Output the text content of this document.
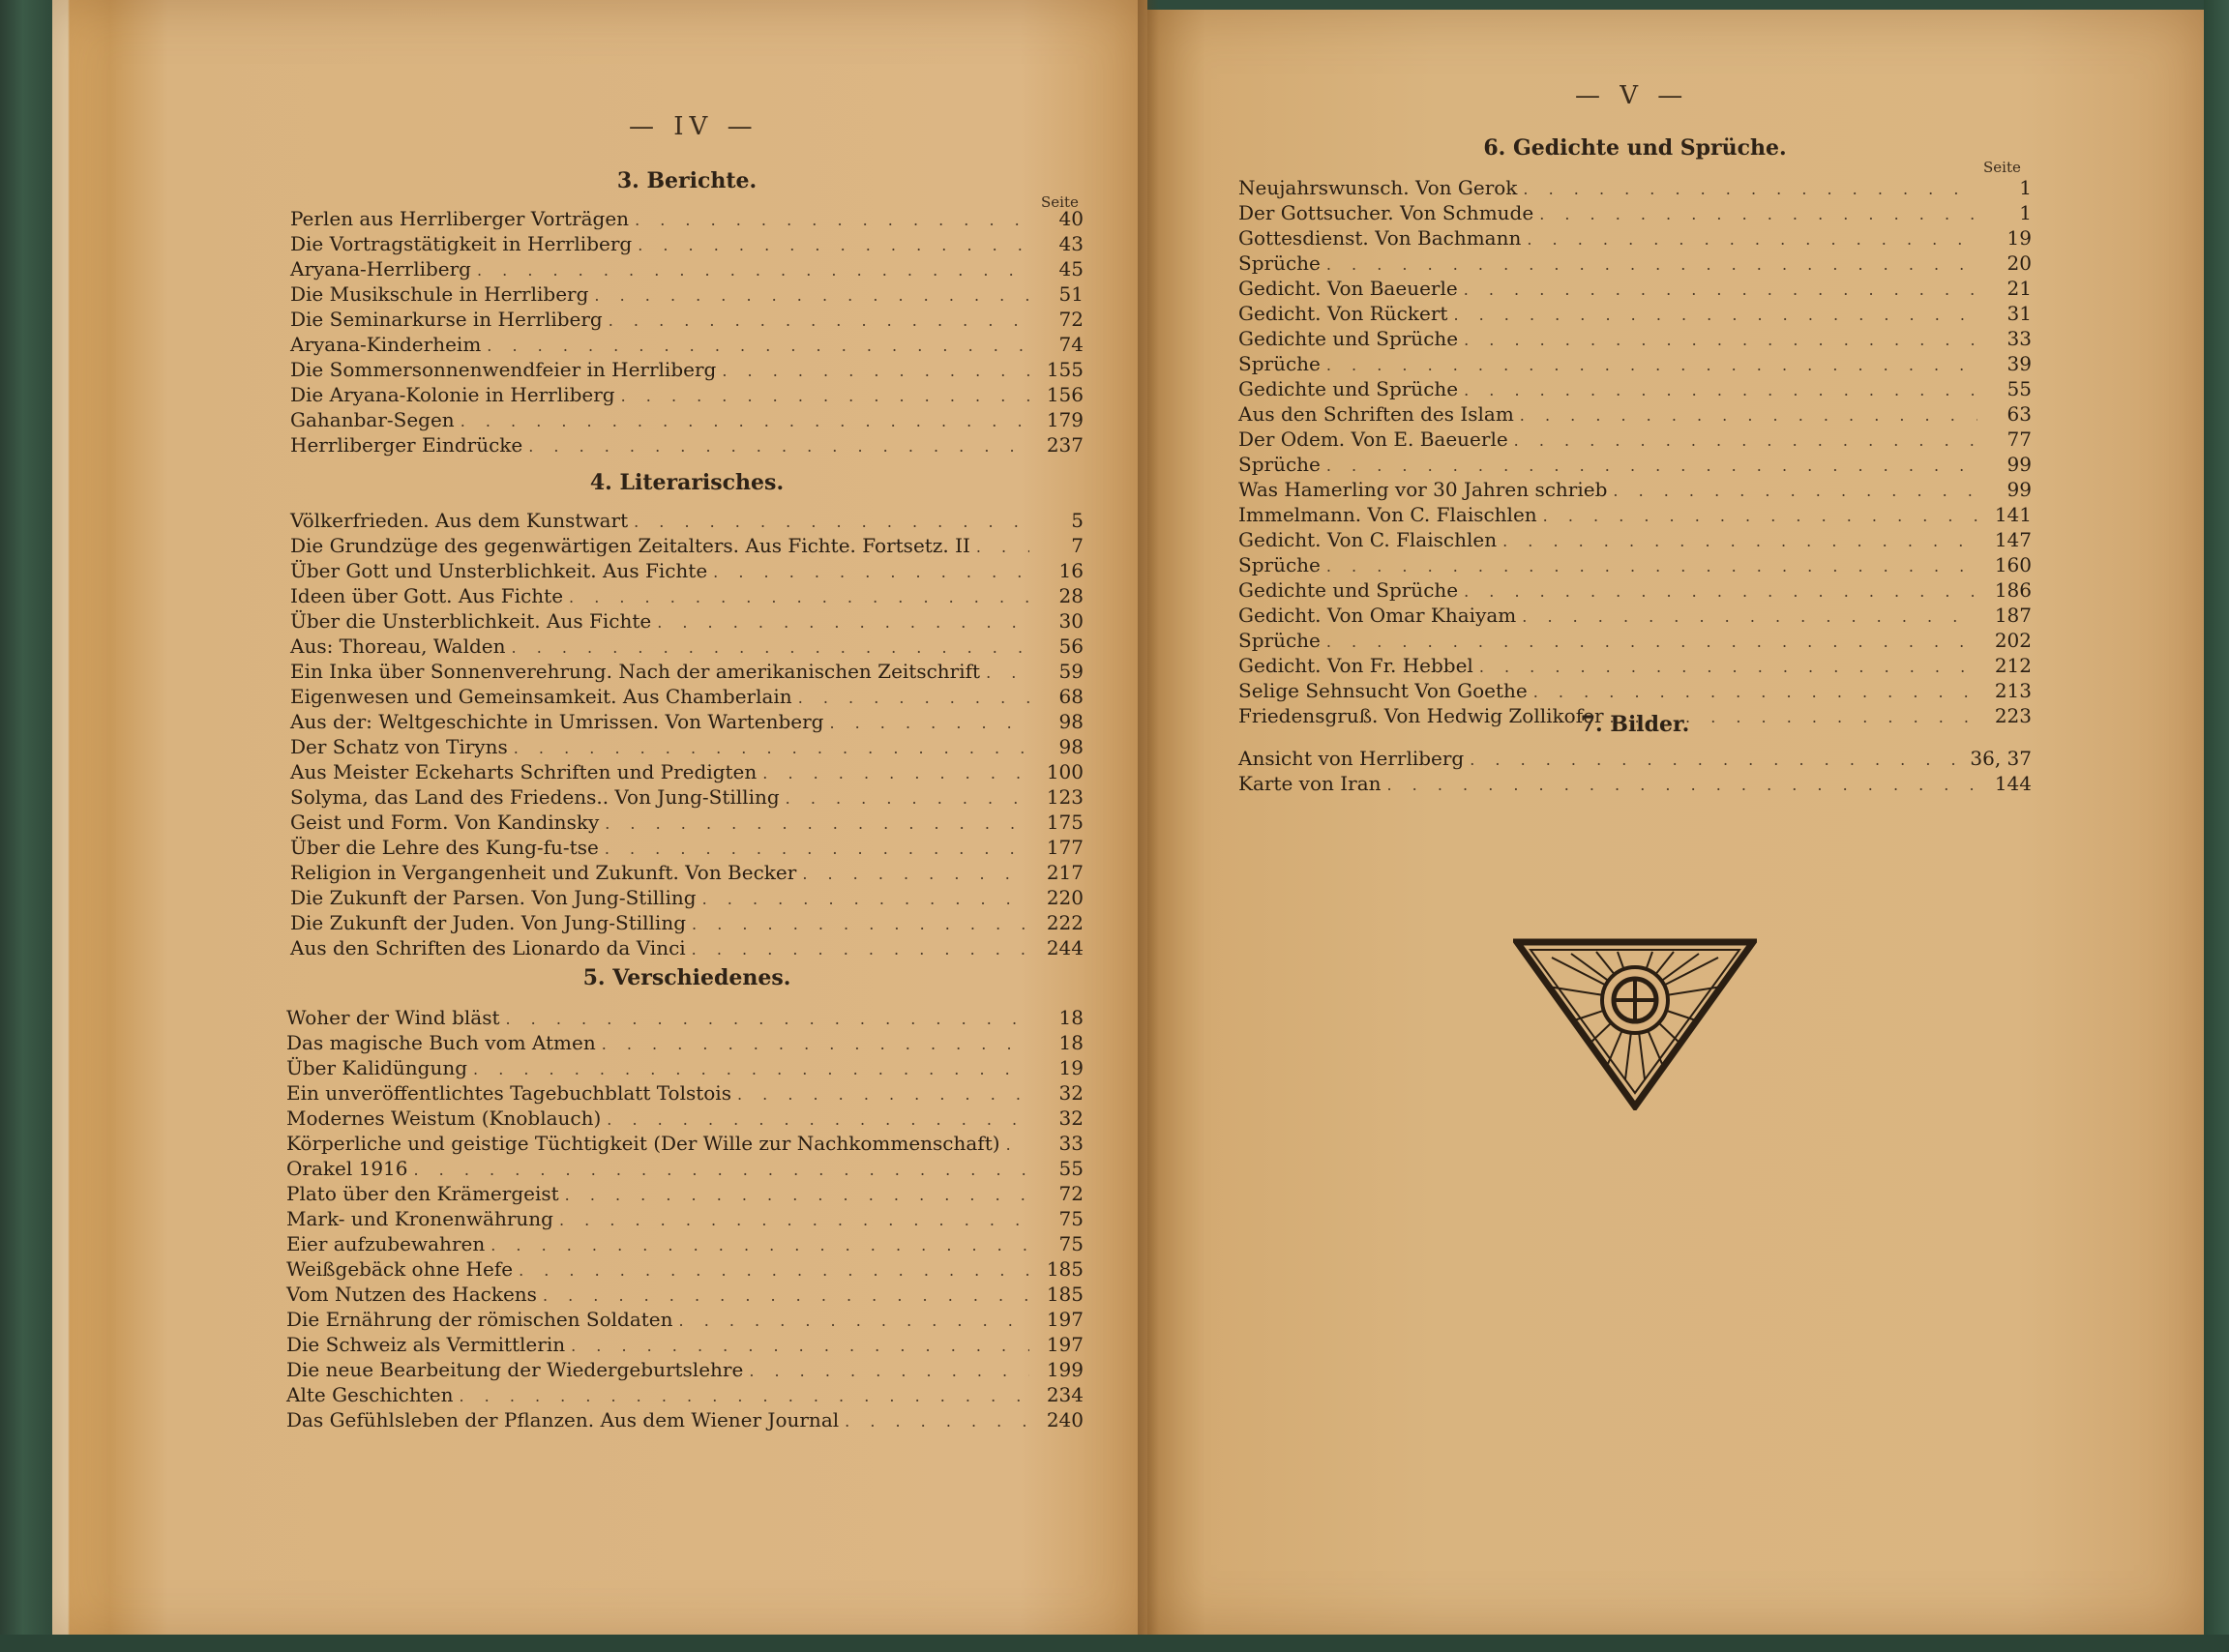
— IV —
3. Berichte.
Seite
Perlen aus Herrliberger Vorträgen . . .	40
Die Vortragstätigkeit in Herrliberg . . .	43
Aryana-Herrliberg . . .	45
Die Musikschule in Herrliberg . . .	51
Die Seminarkurse in Herrliberg . . .	72
Aryana-Kinderheim . . .	74
Die Sommersonnenwendfeier in Herrliberg . . .	155
Die Aryana-Kolonie in Herrliberg . . .	156
Gahanbar-Segen . . .	179
Herrliberger Eindrücke . . .	237
4. Literarisches.
Völkerfrieden. Aus dem Kunstwart . . .	5
Die Grundzüge des gegenwärtigen Zeitalters. Aus Fichte. Fortsetz. II . . .	7
Über Gott und Unsterblichkeit. Aus Fichte . . .	16
Ideen über Gott. Aus Fichte . . .	28
Über die Unsterblichkeit. Aus Fichte . . .	30
Aus: Thoreau, Walden . . .	56
Ein Inka über Sonnenverehrung. Nach der amerikanischen Zeitschrift . . .	59
Eigenwesen und Gemeinsamkeit. Aus Chamberlain . . .	68
Aus der: Weltgeschichte in Umrissen. Von Wartenberg . . .	98
Der Schatz von Tiryns . . .	98
Aus Meister Eckeharts Schriften und Predigten . . .	100
Solyma, das Land des Friedens.. Von Jung-Stilling . . .	123
Geist und Form. Von Kandinsky . . .	175
Über die Lehre des Kung-fu-tse . . .	177
Religion in Vergangenheit und Zukunft. Von Becker . . .	217
Die Zukunft der Parsen. Von Jung-Stilling . . .	220
Die Zukunft der Juden. Von Jung-Stilling . . .	222
Aus den Schriften des Lionardo da Vinci . . .	244
5. Verschiedenes.
Woher der Wind bläst . . .	18
Das magische Buch vom Atmen . . .	18
Über Kalidüngung . . .	19
Ein unveröffentlichtes Tagebuchblatt Tolstois . . .	32
Modernes Weistum (Knoblauch) . . .	32
Körperliche und geistige Tüchtigkeit (Der Wille zur Nachkommenschaft) . . .	33
Orakel 1916 . . .	55
Plato über den Krämergeist . . .	72
Mark- und Kronenwährung . . .	75
Eier aufzubewahren . . .	75
Weißgebäck ohne Hefe . . .	185
Vom Nutzen des Hackens . . .	185
Die Ernährung der römischen Soldaten . . .	197
Die Schweiz als Vermittlerin . . .	197
Die neue Bearbeitung der Wiedergeburtslehre . . .	199
Alte Geschichten . . .	234
Das Gefühlsleben der Pflanzen. Aus dem Wiener Journal . . .	240
— V —
6. Gedichte und Sprüche.
Seite
Neujahrswunsch. Von Gerok . . .	1
Der Gottsucher. Von Schmude . . .	1
Gottesdienst. Von Bachmann . . .	19
Sprüche . . .	20
Gedicht. Von Baeuerle . . .	21
Gedicht. Von Rückert . . .	31
Gedichte und Sprüche . . .	33
Sprüche . . .	39
Gedichte und Sprüche . . .	55
Aus den Schriften des Islam . . .	63
Der Odem. Von E. Baeuerle . . .	77
Sprüche . . .	99
Was Hamerling vor 30 Jahren schrieb . . .	99
Immelmann. Von C. Flaischlen . . .	141
Gedicht. Von C. Flaischlen . . .	147
Sprüche . . .	160
Gedichte und Sprüche . . .	186
Gedicht. Von Omar Khaiyam . . .	187
Sprüche . . .	202
Gedicht. Von Fr. Hebbel . . .	212
Selige Sehnsucht Von Goethe . . .	213
Friedensgruß. Von Hedwig Zollikofer . . .	223
7. Bilder.
Ansicht von Herrliberg . . .	36, 37
Karte von Iran . . .	144
